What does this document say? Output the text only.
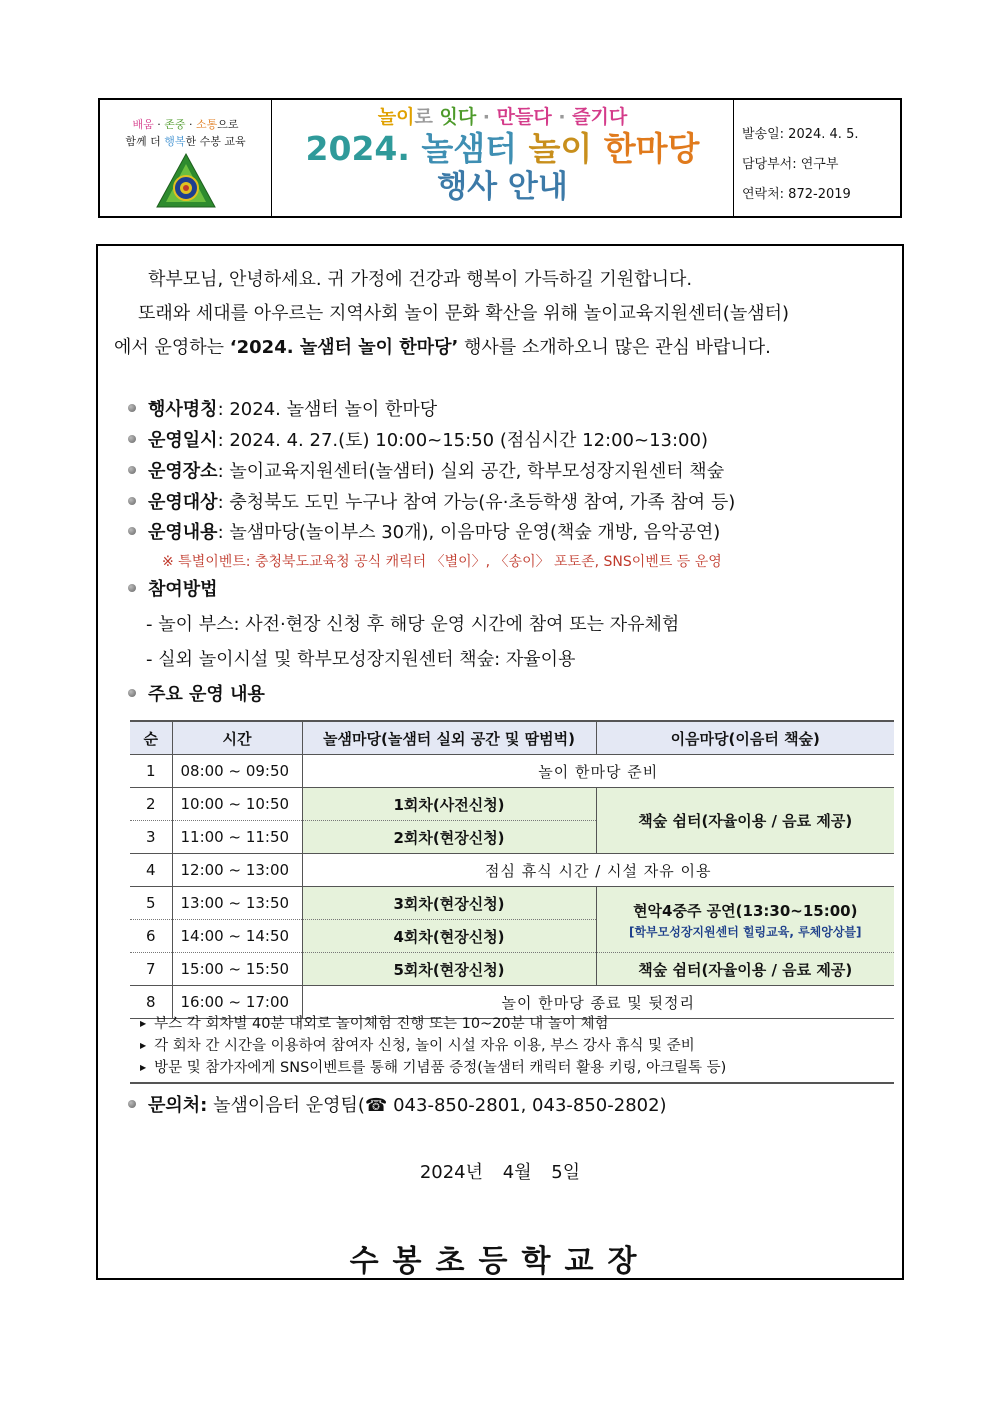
배움 · 존중 · 소통으로
함께 더 행복한 수봉 교육
놀이로 잇다 · 만들다 · 즐기다
2024. 놀샘터 놀이 한마당
행사 안내
발송일: 2024. 4. 5.
담당부서: 연구부
연락처: 872-2019

학부모님, 안녕하세요. 귀 가정에 건강과 행복이 가득하길 기원합니다.

또래와 세대를 아우르는 지역사회 놀이 문화 확산을 위해 놀이교육지원센터(놀샘터)

에서 운영하는 ‘2024. 놀샘터 놀이 한마당’ 행사를 소개하오니 많은 관심 바랍니다.

행사명칭: 2024. 놀샘터 놀이 한마당
운영일시: 2024. 4. 27.(토) 10:00~15:50 (점심시간 12:00~13:00)
운영장소: 놀이교육지원센터(놀샘터) 실외 공간, 학부모성장지원센터 책숲
운영대상: 충청북도 도민 누구나 참여 가능(유·초등학생 참여, 가족 참여 등)
운영내용: 놀샘마당(놀이부스 30개), 이음마당 운영(책숲 개방, 음악공연)
※ 특별이벤트: 충청북도교육청 공식 캐릭터 〈별이〉, 〈송이〉 포토존, SNS이벤트 등 운영
참여방법
- 놀이 부스: 사전·현장 신청 후 해당 운영 시간에 참여 또는 자유체험
- 실외 놀이시설 및 학부모성장지원센터 책숲: 자율이용
주요 운영 내용
순	시간	놀샘마당(놀샘터 실외 공간 및 땀범벅)	이음마당(이음터 책숲)
1	08:00 ~ 09:50	놀이 한마당 준비	
2	10:00 ~ 10:50	1회차(사전신청)	책숲 쉼터(자율이용 / 음료 제공)
3	11:00 ~ 11:50	2회차(현장신청)	
4	12:00 ~ 13:00	점심 휴식 시간 / 시설 자유 이용	
5	13:00 ~ 13:50	3회차(현장신청)	현악4중주 공연(13:30~15:00)
[학부모성장지원센터 힐링교육, 루체앙상블]

6	14:00 ~ 14:50	4회차(현장신청)	
7	15:00 ~ 15:50	5회차(현장신청)	책숲 쉼터(자율이용 / 음료 제공)
8	16:00 ~ 17:00	놀이 한마당 종료 및 뒷정리	
▶ 부스 각 회차별 40분 내외로 놀이체험 진행 또는 10~20분 내 놀이 체험
▶ 각 회차 간 시간을 이용하여 참여자 신청, 놀이 시설 자유 이용, 부스 강사 휴식 및 준비
▶ 방문 및 참가자에게 SNS이벤트를 통해 기념품 증정(놀샘터 캐릭터 활용 키링, 아크릴톡 등)
문의처: 놀샘이음터 운영팀(☎ 043-850-2801, 043-850-2802)
2024년 4월 5일
수봉초등학교장
